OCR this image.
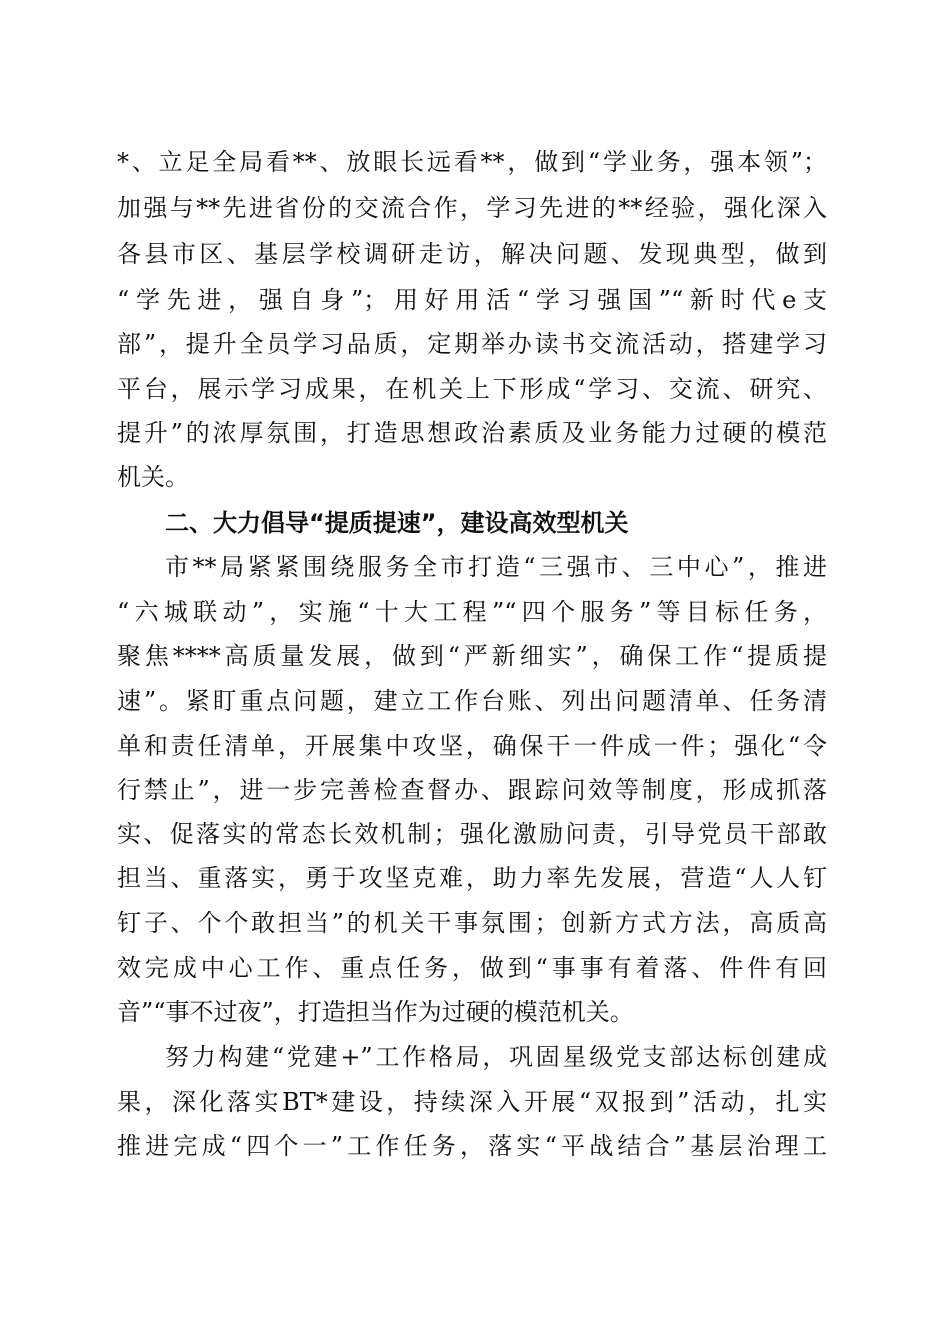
*、立足全局看**、放眼长远看**，做到“学业务，强本领”；
加强与**先进省份的交流合作，学习先进的**经验，强化深入
各县市区、基层学校调研走访，解决问题、发现典型，做到
“学先进，强自身”；用好用活“学习强国”“新时代e支
部”，提升全员学习品质，定期举办读书交流活动，搭建学习
平台，展示学习成果，在机关上下形成“学习、交流、研究、
提升”的浓厚氛围，打造思想政治素质及业务能力过硬的模范
机关。
二、大力倡导“提质提速”，建设高效型机关
市**局紧紧围绕服务全市打造“三强市、三中心”，推进
“六城联动”，实施“十大工程”“四个服务”等目标任务，
聚焦****高质量发展，做到“严新细实”，确保工作“提质提
速”。紧盯重点问题，建立工作台账、列出问题清单、任务清
单和责任清单，开展集中攻坚，确保干一件成一件；强化“令
行禁止”，进一步完善检查督办、跟踪问效等制度，形成抓落
实、促落实的常态长效机制；强化激励问责，引导党员干部敢
担当、重落实，勇于攻坚克难，助力率先发展，营造“人人钉
钉子、个个敢担当”的机关干事氛围；创新方式方法，高质高
效完成中心工作、重点任务，做到“事事有着落、件件有回
音”“事不过夜”，打造担当作为过硬的模范机关。
努力构建“党建+”工作格局，巩固星级党支部达标创建成
果，深化落实BT*建设，持续深入开展“双报到”活动，扎实
推进完成“四个一”工作任务，落实“平战结合”基层治理工
